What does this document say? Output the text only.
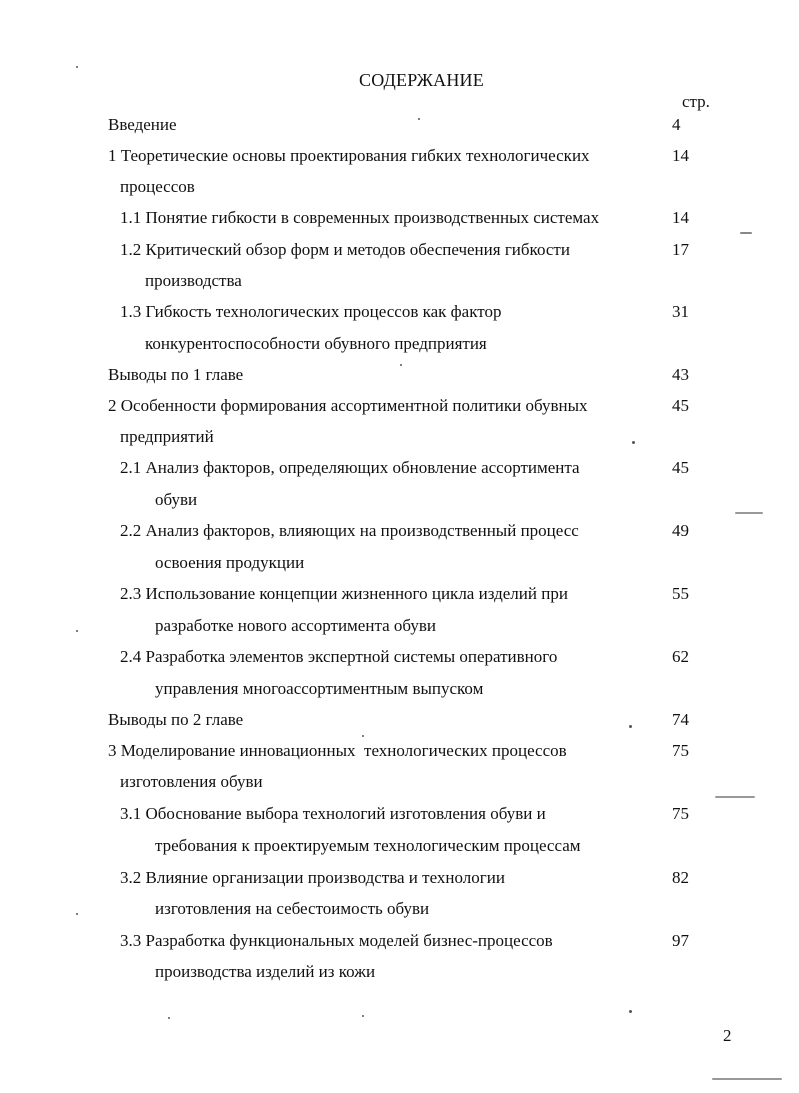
СОДЕРЖАНИЕ
стр.
Введение	4
1 Теоретические основы проектирования гибких технологических	14
процессов
1.1 Понятие гибкости в современных производственных системах	14
1.2 Критический обзор форм и методов обеспечения гибкости	17
производства
1.3 Гибкость технологических процессов как фактор	31
конкурентоспособности обувного предприятия
Выводы по 1 главе	43
2 Особенности формирования ассортиментной политики обувных	45
предприятий
2.1 Анализ факторов, определяющих обновление ассортимента	45
обуви
2.2 Анализ факторов, влияющих на производственный процесс	49
освоения продукции
2.3 Использование концепции жизненного цикла изделий при	55
разработке нового ассортимента обуви
2.4 Разработка элементов экспертной системы оперативного	62
управления многоассортиментным выпуском
Выводы по 2 главе	74
3 Моделирование инновационных  технологических процессов	75
изготовления обуви
3.1 Обоснование выбора технологий изготовления обуви и	75
требования к проектируемым технологическим процессам
3.2 Влияние организации производства и технологии	82
изготовления на себестоимость обуви
3.3 Разработка функциональных моделей бизнес-процессов	97
производства изделий из кожи
2
